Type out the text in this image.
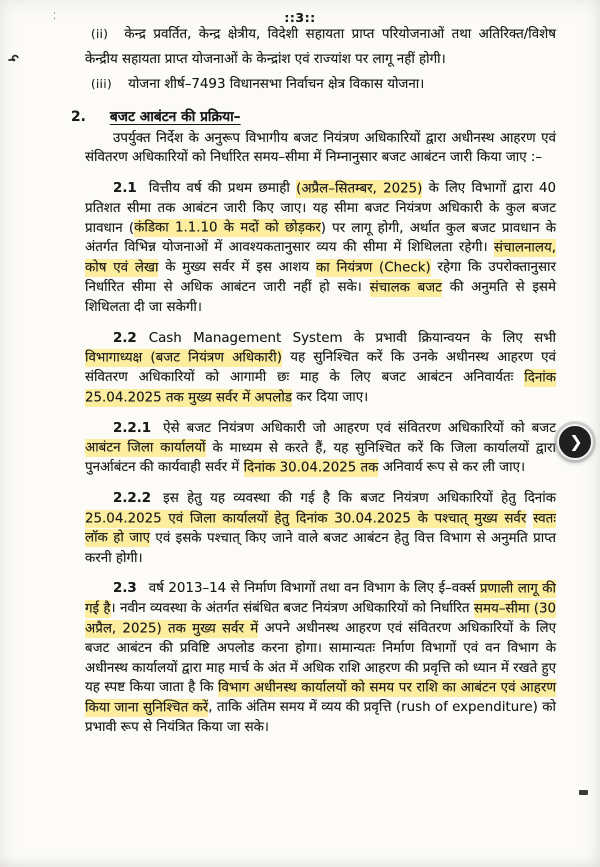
::3::
⁚
५

(ii) केन्द्र प्रवर्तित, केन्द्र क्षेत्रीय, विदेशी सहायता प्राप्त परियोजनाओं तथा अतिरिक्त/विशेष केन्द्रीय सहायता प्राप्त योजनाओं के केन्द्रांश एवं राज्यांश पर लागू नहीं होगी।

(iii) योजना शीर्ष–7493 विधानसभा निर्वाचन क्षेत्र विकास योजना।

2. बजट आबंटन की प्रक्रिया–

उपर्युक्त निर्देश के अनुरूप विभागीय बजट नियंत्रण अधिकारियों द्वारा अधीनस्थ आहरण एवं संवितरण अधिकारियों को निर्धारित समय–सीमा में निम्नानुसार बजट आबंटन जारी किया जाए :–

2.1 वित्तीय वर्ष की प्रथम छमाही (अप्रैल–सितम्बर, 2025) के लिए विभागों द्वारा 40 प्रतिशत सीमा तक आबंटन जारी किए जाए। यह सीमा बजट नियंत्रण अधिकारी के कुल बजट प्रावधान (कंडिका 1.1.10 के मदों को छोड़कर) पर लागू होगी, अर्थात कुल बजट प्रावधान के अंतर्गत विभिन्न योजनाओं में आवश्यकतानुसार व्यय की सीमा में शिथिलता रहेगी। संचालनालय, कोष एवं लेखा के मुख्य सर्वर में इस आशय का नियंत्रण (Check) रहेगा कि उपरोक्तानुसार निर्धारित सीमा से अधिक आबंटन जारी नहीं हो सके। संचालक बजट की अनुमति से इसमे शिथिलता दी जा सकेगी।

2.2 Cash Management System के प्रभावी क्रियान्वयन के लिए सभी विभागाध्यक्ष (बजट नियंत्रण अधिकारी) यह सुनिश्चित करें कि उनके अधीनस्थ आहरण एवं संवितरण अधिकारियों को आगामी छः माह के लिए बजट आबंटन अनिवार्यतः दिनांक 25.04.2025 तक मुख्य सर्वर में अपलोड कर दिया जाए।

2.2.1 ऐसे बजट नियंत्रण अधिकारी जो आहरण एवं संवितरण अधिकारियों को बजट आबंटन जिला कार्यालयों के माध्यम से करते हैं, यह सुनिश्चित करें कि जिला कार्यालयों द्वारा पुनर्आबंटन की कार्यवाही सर्वर में दिनांक 30.04.2025 तक अनिवार्य रूप से कर ली जाए।

2.2.2 इस हेतु यह व्यवस्था की गई है कि बजट नियंत्रण अधिकारियों हेतु दिनांक 25.04.2025 एवं जिला कार्यालयों हेतु दिनांक 30.04.2025 के पश्चात् मुख्य सर्वर स्वतः लॉक हो जाए एवं इसके पश्चात् किए जाने वाले बजट आबंटन हेतु वित्त विभाग से अनुमति प्राप्त करनी होगी।

2.3 वर्ष 2013–14 से निर्माण विभागों तथा वन विभाग के लिए ई–वर्क्स प्रणाली लागू की गई है। नवीन व्यवस्था के अंतर्गत संबंधित बजट नियंत्रण अधिकारियों को निर्धारित समय–सीमा (30 अप्रैल, 2025) तक मुख्य सर्वर में अपने अधीनस्थ आहरण एवं संवितरण अधिकारियों के लिए बजट आबंटन की प्रविष्टि अपलोड करना होगा। सामान्यतः निर्माण विभागों एवं वन विभाग के अधीनस्थ कार्यालयों द्वारा माह मार्च के अंत में अधिक राशि आहरण की प्रवृत्ति को ध्यान में रखते हुए यह स्पष्ट किया जाता है कि विभाग अधीनस्थ कार्यालयों को समय पर राशि का आबंटन एवं आहरण किया जाना सुनिश्चित करें, ताकि अंतिम समय में व्यय की प्रवृत्ति (rush of expenditure) को प्रभावी रूप से नियंत्रित किया जा सके।

❯
